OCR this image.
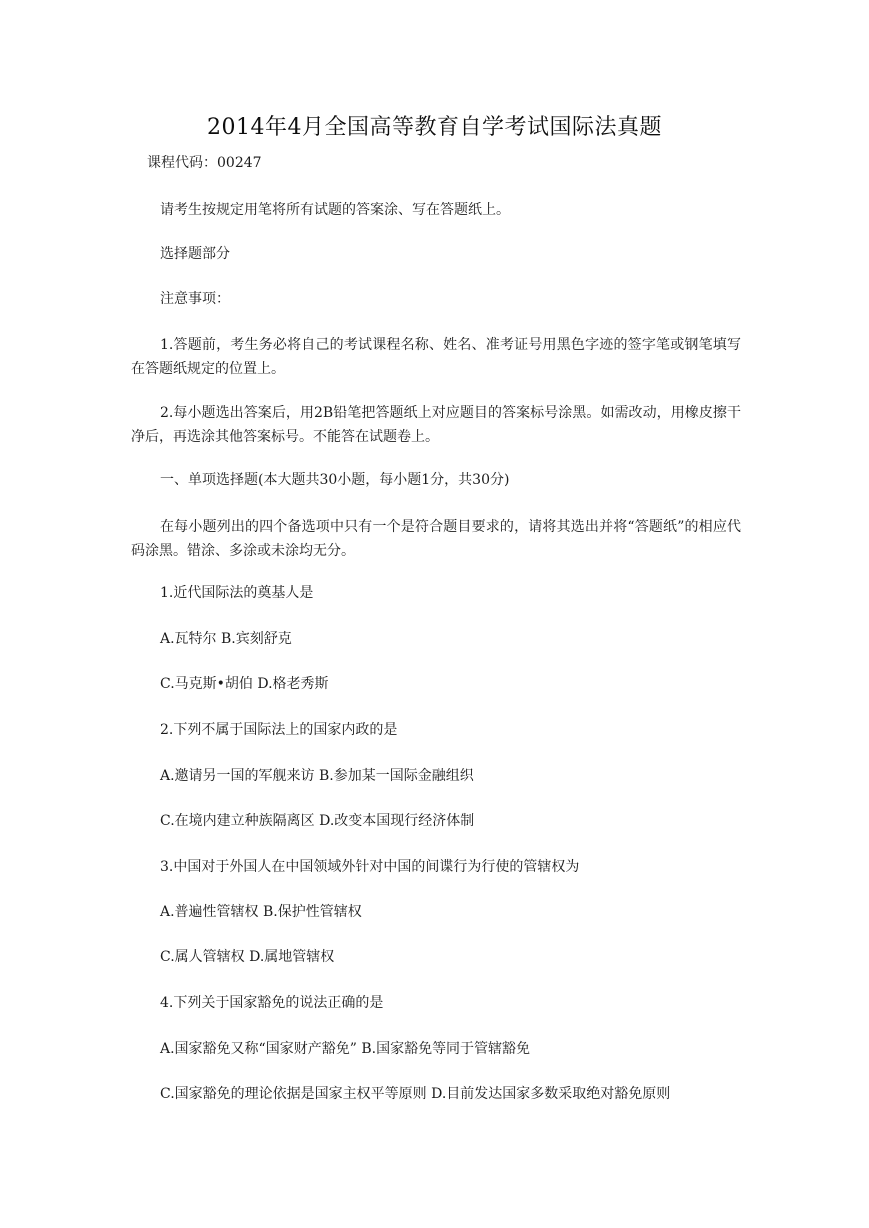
2014年4月全国高等教育自学考试国际法真题
课程代码：00247
请考生按规定用笔将所有试题的答案涂、写在答题纸上。
选择题部分
注意事项：
1.答题前，考生务必将自己的考试课程名称、姓名、准考证号用黑色字迹的签字笔或钢笔填写在答题纸规定的位置上。
2.每小题选出答案后，用2B铅笔把答题纸上对应题目的答案标号涂黑。如需改动，用橡皮擦干净后，再选涂其他答案标号。不能答在试题卷上。
一、单项选择题(本大题共30小题，每小题1分，共30分)
在每小题列出的四个备选项中只有一个是符合题目要求的，请将其选出并将“答题纸”的相应代码涂黑。错涂、多涂或未涂均无分。
1.近代国际法的奠基人是
A.瓦特尔 B.宾刻舒克
C.马克斯•胡伯 D.格老秀斯
2.下列不属于国际法上的国家内政的是
A.邀请另一国的军舰来访 B.参加某一国际金融组织
C.在境内建立种族隔离区 D.改变本国现行经济体制
3.中国对于外国人在中国领域外针对中国的间谍行为行使的管辖权为
A.普遍性管辖权 B.保护性管辖权
C.属人管辖权 D.属地管辖权
4.下列关于国家豁免的说法正确的是
A.国家豁免又称“国家财产豁免” B.国家豁免等同于管辖豁免
C.国家豁免的理论依据是国家主权平等原则 D.目前发达国家多数采取绝对豁免原则
